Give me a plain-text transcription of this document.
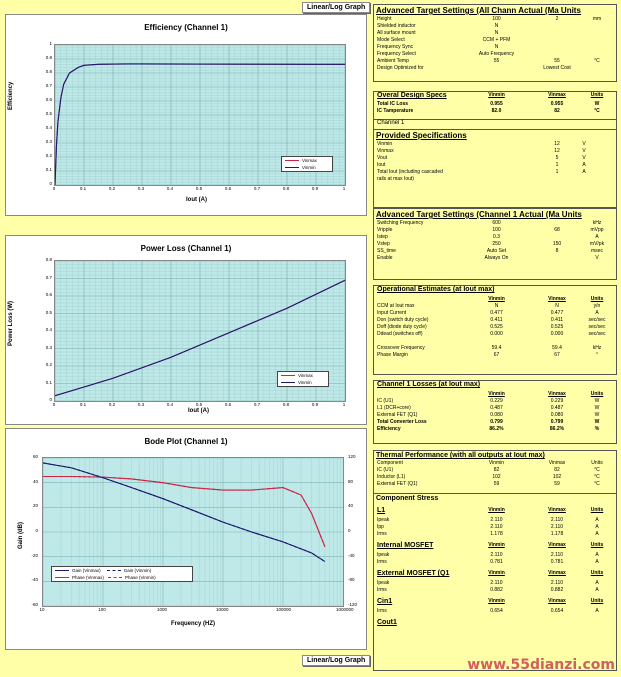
Linear/Log Graph
Efficiency (Channel 1)
Efficiency
1
0.9
0.8
0.7
0.6
0.5
0.4
0.3
0.2
0.1
0
Vinmax
Vinmin
0	0.1	0.2	0.3	0.4	0.5	0.6	0.7	0.8	0.9	1
Iout (A)
Power Loss (Channel 1)
Power Loss (W)
0.8
0.7
0.6
0.5
0.4
0.3
0.2
0.1
0
Vinmax
Vinmin
0	0.1	0.2	0.3	0.4	0.5	0.6	0.7	0.8	0.9	1
Iout (A)
Bode Plot (Channel 1)
Gain (dB)
60
40
20
0
-20
-40
-60
120
80
40
0
-40
-80
-120
Gain (Vinmax)	Gain (Vinmin)
Phase (Vinmax)	Phase (Vinmin)
10	100	1000	10000	100000	1000000
Frequency (HZ)
Linear/Log Graph
Advanced Target Settings (All Chann Actual (Ma Units
Height	100	2	mm
Shielded inductor	N
All surface mount	N
Mode Select	CCM + PFM
Frequency Sync	N
Frequency Select	Auto Frequency
Ambient Temp	55	55	°C
Design Optimized for	Lowest Cost
Overal Design Specs	Vinmin	Vinmax	Units
Total IC Loss	0.955	0.955	W
IC Tamperature	82.0	82	°C
Channel 1
Provided Specifications
Vinmin	12	V
Vinmax	12	V
Vout	5	V
Iout	1	A
Total Iout (including cascaded	1	A
rails at max Iout)
Advanced Target Settings (Channel 1 Actual (Ma Units
Switching Frequency	600	kHz
Vripple	100	68	mVpp
Istep	0.3	A
Vstep	250	150	mV/pk
SS_time	Auto Set	8	msec
Enable	Always On	V
Operational Estimates (at Iout max)
Vinmin	Vinmax	Units
CCM at Iout max	N	N	y/n
Input Current	0.477	0.477	A
Don (switch duty cycle)	0.411	0.411	sec/sec
Doff (diode duty cycle)	0.525	0.525	sec/sec
Ddead (switches off)	0.000	0.000	sec/sec
Crossover Frequency	59.4	59.4	kHz
Phase Margin	67	67	°
Channel 1 Losses (at Iout max)
Vinmin	Vinmax	Units
IC (U1)	0.229	0.229	W
L1 (DCR+core)	0.487	0.487	W
External FET (Q1)	0.080	0.080	W
Total Converter Loss	0.799	0.799	W
Efficiency	86.2%	86.2%	%
Thermal Performance (with all outputs at Iout max)
Component	Vinmin	Vinmax	Units
IC (U1)	82	82	°C
Inductor (L1)	102	102	°C
External FET (Q1)	59	59	°C
Component Stress
L1	Vinmin	Vinmax	Units
Ipeak	2.110	2.110	A
Ipp	2.110	2.110	A
Irms	1.178	1.178	A
Internal MOSFET	Vinmin	Vinmax	Units
Ipeak	2.110	2.110	A
Irms	0.781	0.781	A
External MOSFET (Q1	Vinmin	Vinmax	Units
Ipeak	2.110	2.110	A
Irms	0.882	0.882	A
Cin1	Vinmin	Vinmax	Units
Irms	0.654	0.654	A
Cout1
www.55dianzi.com
